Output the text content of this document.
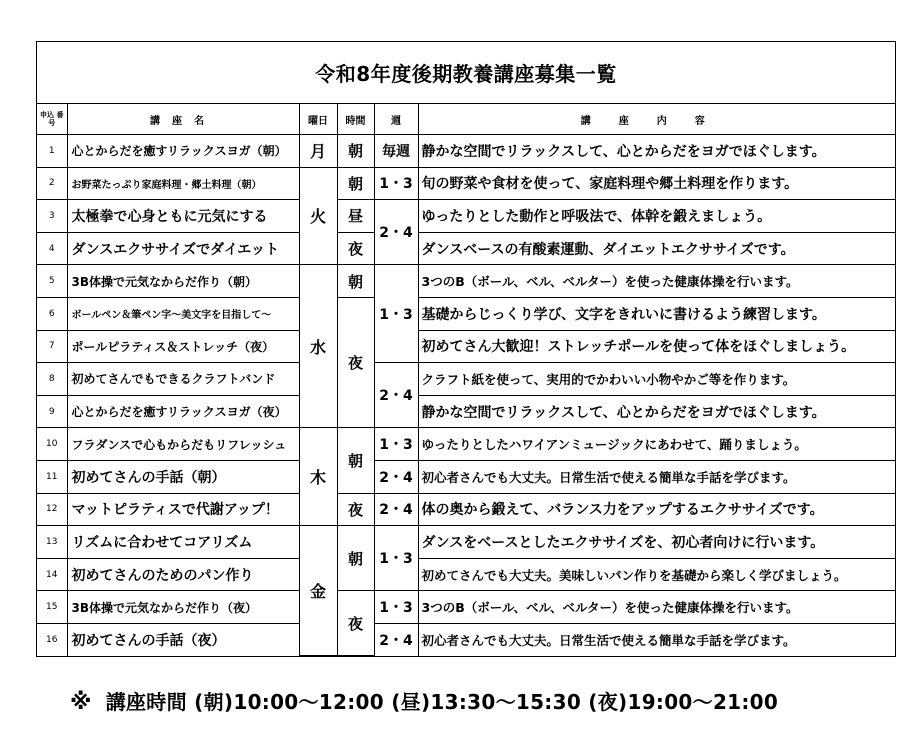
令和8年度後期教養講座募集一覧
申込 番号	講座名	曜日	時間	週	講座内容
1	心とからだを癒すリラックスヨガ（朝）	月	朝	毎週	静かな空間でリラックスして、心とからだをヨガでほぐします。
2	お野菜たっぷり家庭料理・郷土料理（朝）	火	朝	1・3	旬の野菜や食材を使って、家庭料理や郷土料理を作ります。
3	太極拳で心身ともに元気にする		昼	2・4	ゆったりとした動作と呼吸法で、体幹を鍛えましょう。
4	ダンスエクササイズでダイエット		夜		ダンスベースの有酸素運動、ダイエットエクササイズです。
5	3B体操で元気なからだ作り（朝）	水	朝	1・3	3つのB（ボール、ベル、ベルター）を使った健康体操を行います。
6	ボールペン＆筆ペン字～美文字を目指して～		夜		基礎からじっくり学び、文字をきれいに書けるよう練習します。
7	ポールピラティス＆ストレッチ（夜）				初めてさん大歓迎！ストレッチポールを使って体をほぐしましょう。
8	初めてさんでもできるクラフトバンド			2・4	クラフト紙を使って、実用的でかわいい小物やかご等を作ります。
9	心とからだを癒すリラックスヨガ（夜）				静かな空間でリラックスして、心とからだをヨガでほぐします。
10	フラダンスで心もからだもリフレッシュ	木	朝	1・3	ゆったりとしたハワイアンミュージックにあわせて、踊りましょう。
11	初めてさんの手話（朝）			2・4	初心者さんでも大丈夫。日常生活で使える簡単な手話を学びます。
12	マットピラティスで代謝アップ！		夜	2・4	体の奥から鍛えて、バランス力をアップするエクササイズです。
13	リズムに合わせてコアリズム	金	朝	1・3	ダンスをベースとしたエクササイズを、初心者向けに行います。
14	初めてさんのためのパン作り				初めてさんでも大丈夫。美味しいパン作りを基礎から楽しく学びましょう。
15	3B体操で元気なからだ作り（夜）		夜	1・3	3つのB（ボール、ベル、ベルター）を使った健康体操を行います。
16	初めてさんの手話（夜）			2・4	初心者さんでも大丈夫。日常生活で使える簡単な手話を学びます。
※ 講座時間 (朝)10:00～12:00 (昼)13:30～15:30 (夜)19:00～21:00
